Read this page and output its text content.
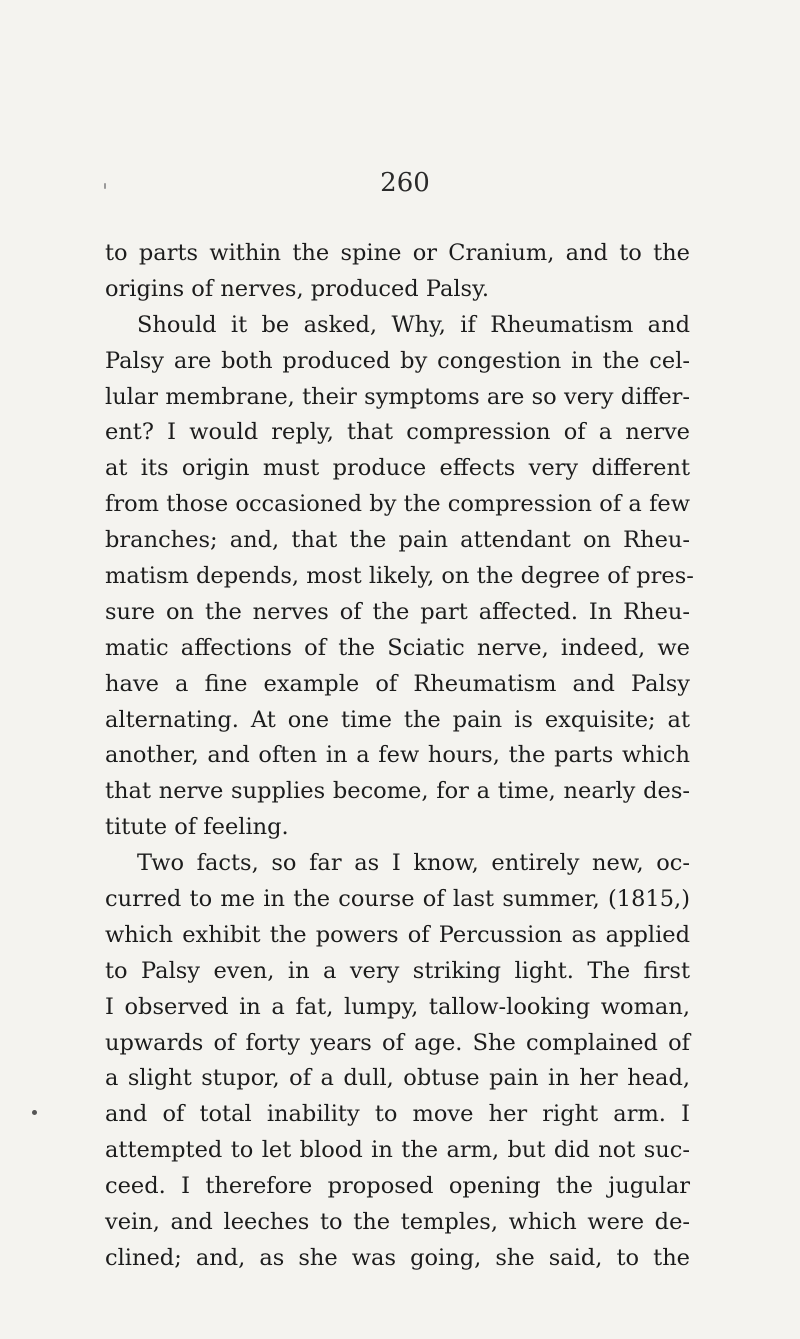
260
to parts within the spine or Cranium, and to the
origins of nerves, produced Palsy.
Should it be asked, Why, if Rheumatism and
Palsy are both produced by congestion in the cel-
lular membrane, their symptoms are so very differ-
ent? I would reply, that compression of a nerve
at its origin must produce effects very different
from those occasioned by the compression of a few
branches; and, that the pain attendant on Rheu-
matism depends, most likely, on the degree of pres-
sure on the nerves of the part affected. In Rheu-
matic affections of the Sciatic nerve, indeed, we
have a fine example of Rheumatism and Palsy
alternating. At one time the pain is exquisite; at
another, and often in a few hours, the parts which
that nerve supplies become, for a time, nearly des-
titute of feeling.
Two facts, so far as I know, entirely new, oc-
curred to me in the course of last summer, (1815,)
which exhibit the powers of Percussion as applied
to Palsy even, in a very striking light. The first
I observed in a fat, lumpy, tallow-looking woman,
upwards of forty years of age. She complained of
a slight stupor, of a dull, obtuse pain in her head,
and of total inability to move her right arm. I
attempted to let blood in the arm, but did not suc-
ceed. I therefore proposed opening the jugular
vein, and leeches to the temples, which were de-
clined; and, as she was going, she said, to the
